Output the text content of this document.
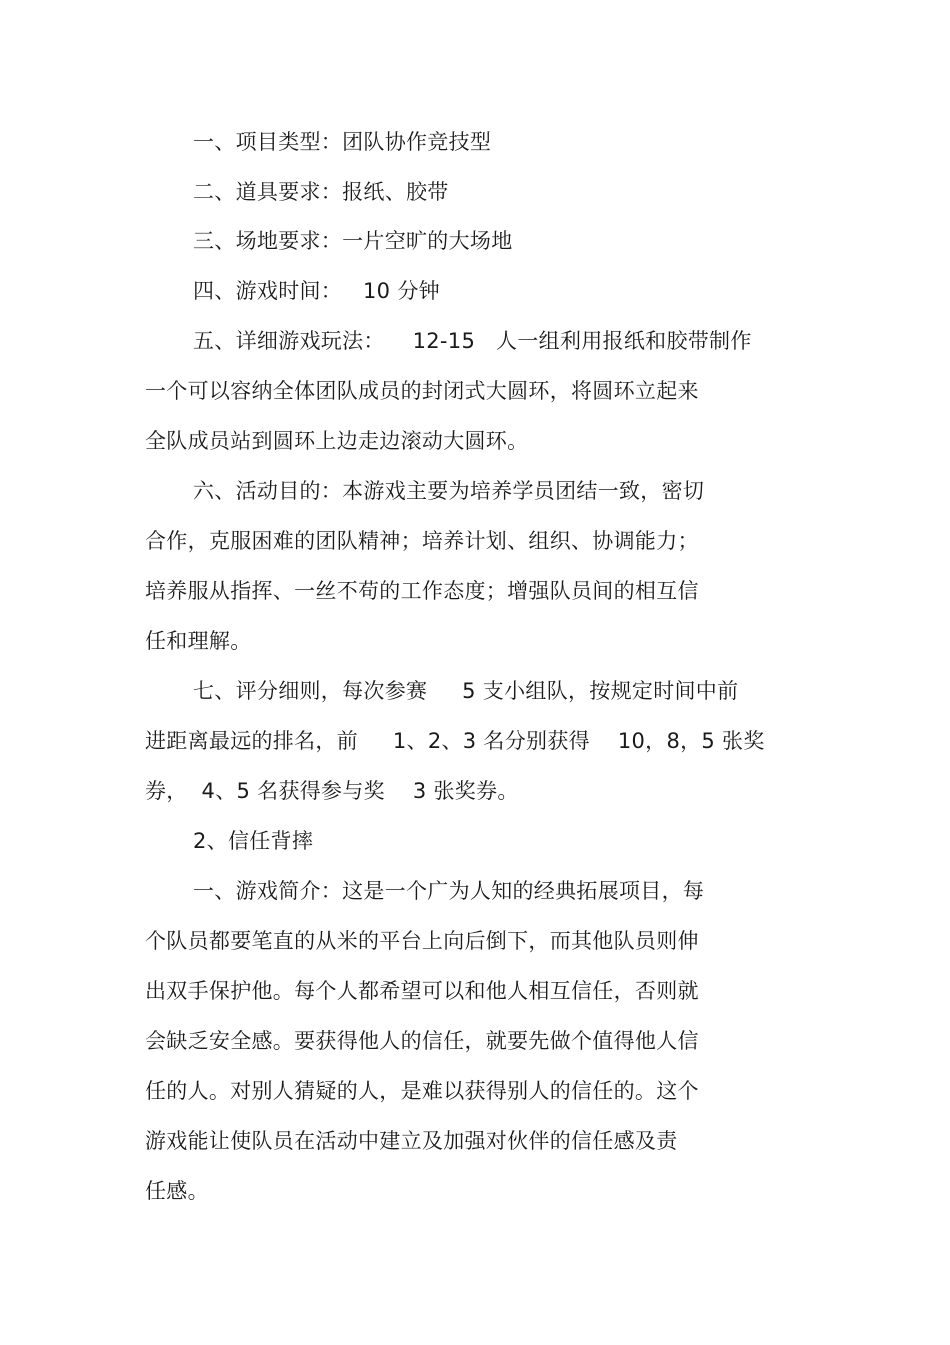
一、项目类型：团队协作竞技型
二、道具要求：报纸、胶带
三、场地要求：一片空旷的大场地
四、游戏时间：   10 分钟
五、详细游戏玩法：    12-15   人一组利用报纸和胶带制作
一个可以容纳全体团队成员的封闭式大圆环，将圆环立起来
全队成员站到圆环上边走边滚动大圆环。
六、活动目的：本游戏主要为培养学员团结一致，密切
合作，克服困难的团队精神；培养计划、组织、协调能力；
培养服从指挥、一丝不苟的工作态度；增强队员间的相互信
任和理解。
七、评分细则，每次参赛     5 支小组队，按规定时间中前
进距离最远的排名，前     1、2、3 名分别获得    10，8，5 张奖
券，  4、5 名获得参与奖    3 张奖券。
2、信任背摔
一、游戏简介：这是一个广为人知的经典拓展项目，每
个队员都要笔直的从米的平台上向后倒下，而其他队员则伸
出双手保护他。每个人都希望可以和他人相互信任，否则就
会缺乏安全感。要获得他人的信任，就要先做个值得他人信
任的人。对别人猜疑的人，是难以获得别人的信任的。这个
游戏能让使队员在活动中建立及加强对伙伴的信任感及责
任感。
